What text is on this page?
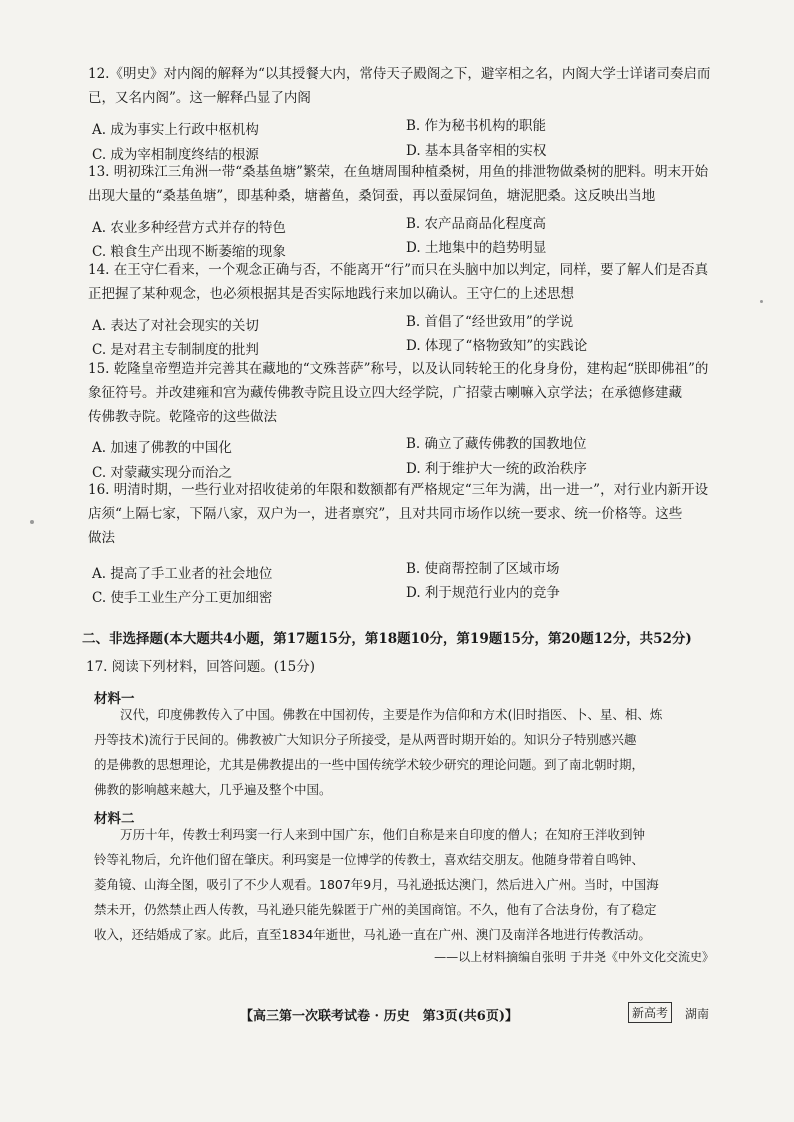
12.《明史》对内阁的解释为“以其授餐大内，常侍天子殿阁之下，避宰相之名，内阁大学士详诸司奏启而
已，又名内阁”。这一解释凸显了内阁
A. 成为事实上行政中枢机构	B. 作为秘书机构的职能
C. 成为宰相制度终结的根源	D. 基本具备宰相的实权
13. 明初珠江三角洲一带“桑基鱼塘”繁荣，在鱼塘周围种植桑树，用鱼的排泄物做桑树的肥料。明末开始
出现大量的“桑基鱼塘”，即基种桑，塘蓄鱼，桑饲蚕，再以蚕屎饲鱼，塘泥肥桑。这反映出当地
A. 农业多种经营方式并存的特色	B. 农产品商品化程度高
C. 粮食生产出现不断萎缩的现象	D. 土地集中的趋势明显
14. 在王守仁看来，一个观念正确与否，不能离开“行”而只在头脑中加以判定，同样，要了解人们是否真
正把握了某种观念，也必须根据其是否实际地践行来加以确认。王守仁的上述思想
A. 表达了对社会现实的关切	B. 首倡了“经世致用”的学说
C. 是对君主专制制度的批判	D. 体现了“格物致知”的实践论
15. 乾隆皇帝塑造并完善其在藏地的“文殊菩萨”称号，以及认同转轮王的化身身份，建构起“朕即佛祖”的
象征符号。并改建雍和宫为藏传佛教寺院且设立四大经学院，广招蒙古喇嘛入京学法；在承德修建藏
传佛教寺院。乾隆帝的这些做法
A. 加速了佛教的中国化	B. 确立了藏传佛教的国教地位
C. 对蒙藏实现分而治之	D. 利于维护大一统的政治秩序
16. 明清时期，一些行业对招收徒弟的年限和数额都有严格规定“三年为满，出一进一”，对行业内新开设
店须“上隔七家，下隔八家，双户为一，进者禀究”，且对共同市场作以统一要求、统一价格等。这些
做法
A. 提高了手工业者的社会地位	B. 使商帮控制了区域市场
C. 使手工业生产分工更加细密	D. 利于规范行业内的竞争
二、非选择题(本大题共4小题，第17题15分，第18题10分，第19题15分，第20题12分，共52分)
17. 阅读下列材料，回答问题。(15分)
材料一
汉代，印度佛教传入了中国。佛教在中国初传，主要是作为信仰和方术(旧时指医、卜、星、相、炼
丹等技术)流行于民间的。佛教被广大知识分子所接受，是从两晋时期开始的。知识分子特别感兴趣
的是佛教的思想理论，尤其是佛教提出的一些中国传统学术较少研究的理论问题。到了南北朝时期，
佛教的影响越来越大，几乎遍及整个中国。
材料二
万历十年，传教士利玛窦一行人来到中国广东，他们自称是来自印度的僧人；在知府王泮收到钟
铃等礼物后，允许他们留在肇庆。利玛窦是一位博学的传教士，喜欢结交朋友。他随身带着自鸣钟、
菱角镜、山海全图，吸引了不少人观看。1807年9月，马礼逊抵达澳门，然后进入广州。当时，中国海
禁未开，仍然禁止西人传教，马礼逊只能先躲匿于广州的美国商馆。不久，他有了合法身份，有了稳定
收入，还结婚成了家。此后，直至1834年逝世，马礼逊一直在广州、澳门及南洋各地进行传教活动。
——以上材料摘编自张明 于井尧《中外文化交流史》
【高三第一次联考试卷 · 历史　第3页(共6页)】	新高考	湖南
